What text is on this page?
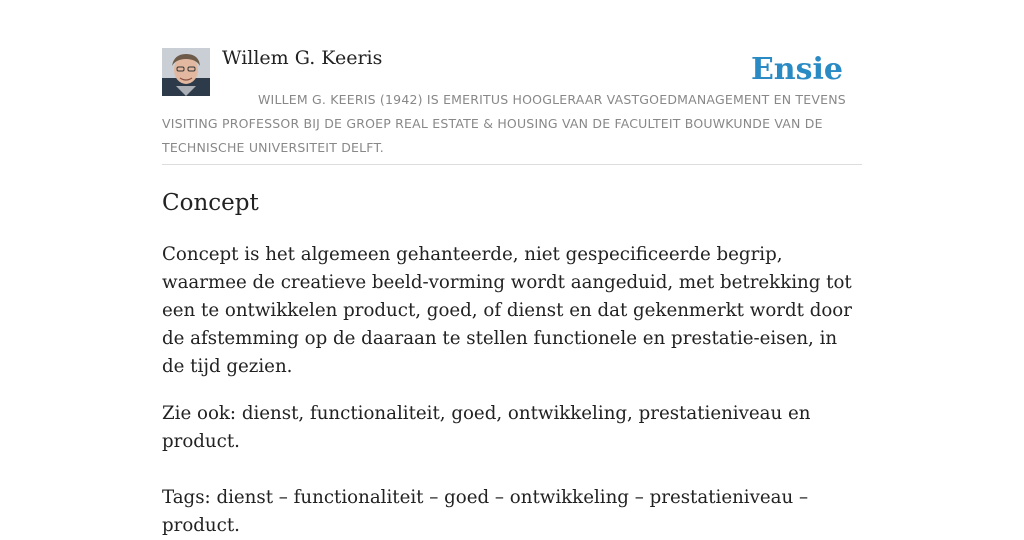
Willem G. Keeris	Ensie
WILLEM G. KEERIS (1942) IS EMERITUS HOOGLERAAR VASTGOEDMANAGEMENT EN TEVENS VISITING PROFESSOR BIJ DE GROEP REAL ESTATE & HOUSING VAN DE FACULTEIT BOUWKUNDE VAN DE TECHNISCHE UNIVERSITEIT DELFT.
Concept

Concept is het algemeen gehanteerde, niet gespecificeerde begrip, waarmee de creatieve beeld-vorming wordt aangeduid, met betrekking tot een te ontwikkelen product, goed, of dienst en dat gekenmerkt wordt door de afstemming op de daaraan te stellen functionele en prestatie-eisen, in de tijd gezien.

Zie ook: dienst, functionaliteit, goed, ontwikkeling, prestatieniveau en product.

Tags: dienst – functionaliteit – goed – ontwikkeling – prestatieniveau – product.
